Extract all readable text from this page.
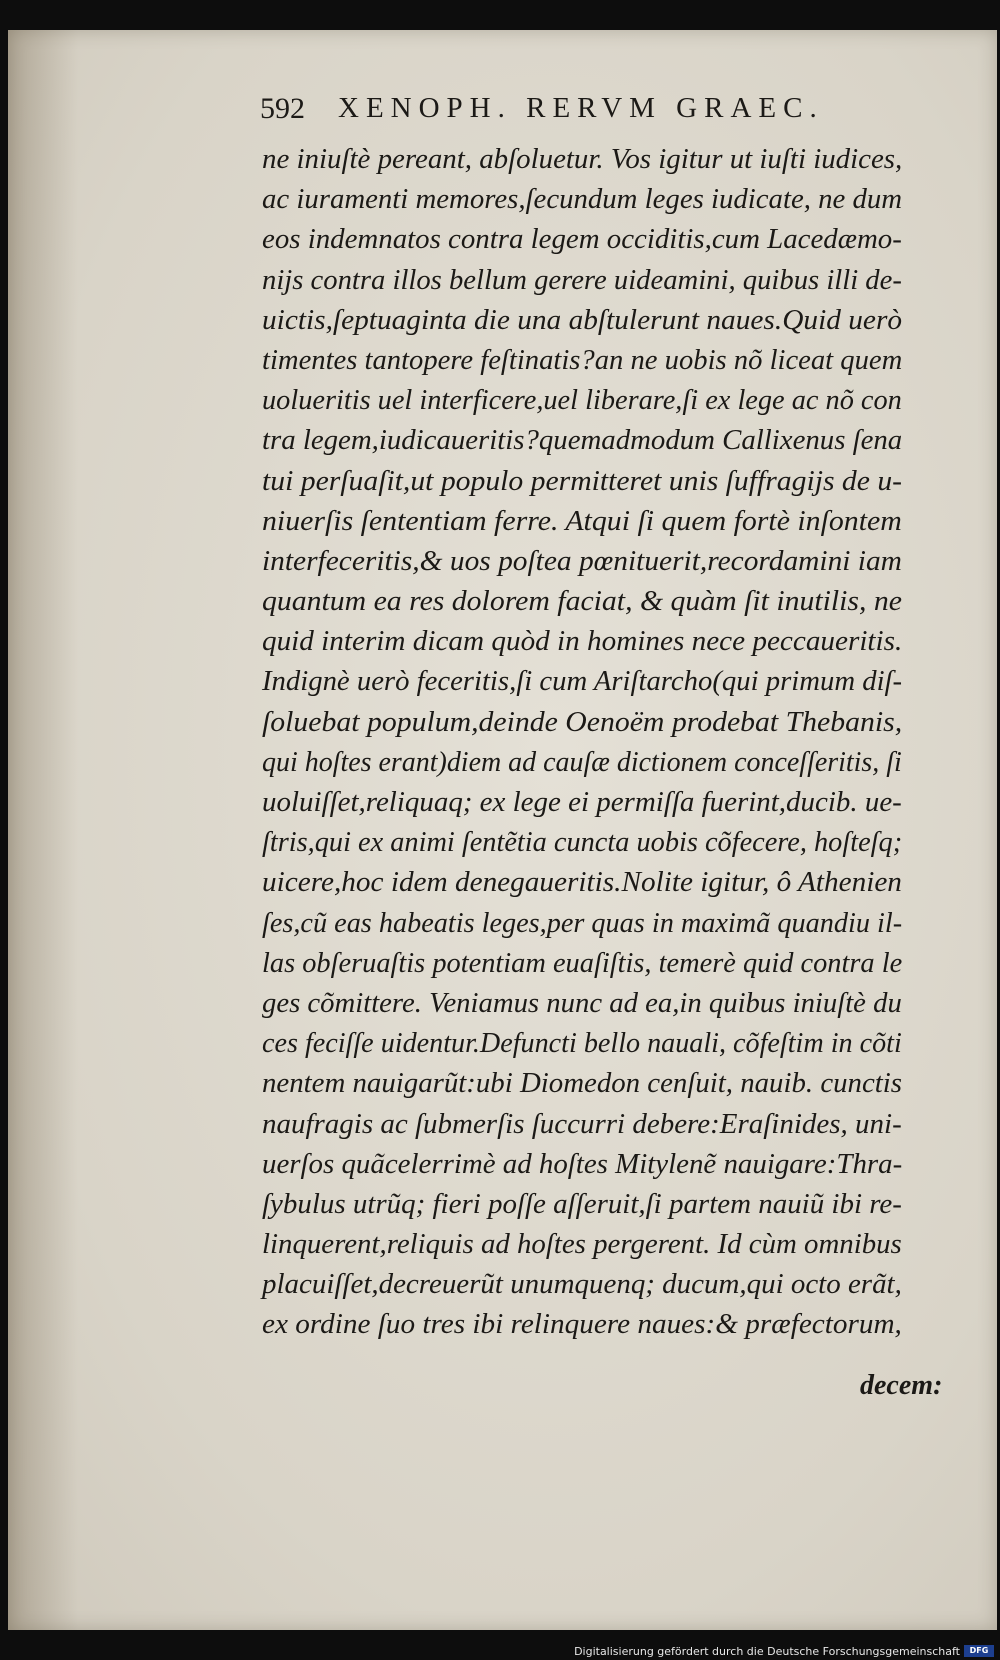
592 XENOPH. RERVM GRAEC.
ne iniuſtè pereant, abſoluetur. Vos igitur ut iuſti iudices,
ac iuramenti memores,ſecundum leges iudicate, ne dum
eos indemnatos contra legem occiditis,cum Lacedæmo-
nijs contra illos bellum gerere uideamini, quibus illi de-
uictis,ſeptuaginta die una abſtulerunt naues.Quid uerò
timentes tantopere feſtinatis?an ne uobis nõ liceat quem
uolueritis uel interficere,uel liberare,ſi ex lege ac nõ con
tra legem,iudicaueritis?quemadmodum Callixenus ſena
tui perſuaſit,ut populo permitteret unis ſuffragijs de u-
niuerſis ſententiam ferre. Atqui ſi quem fortè inſontem
interfeceritis,& uos poſtea pœnituerit,recordamini iam
quantum ea res dolorem faciat, & quàm ſit inutilis, ne
quid interim dicam quòd in homines nece peccaueritis.
Indignè uerò feceritis,ſi cum Ariſtarcho(qui primum diſ-
ſoluebat populum,deinde Oenoëm prodebat Thebanis,
qui hoſtes erant)diem ad cauſæ dictionem conceſſeritis, ſi
uoluiſſet,reliquaq; ex lege ei permiſſa fuerint,ducib. ue-
ſtris,qui ex animi ſentẽtia cuncta uobis cõfecere, hoſteſq;
uicere,hoc idem denegaueritis.Nolite igitur, ô Athenien
ſes,cũ eas habeatis leges,per quas in maximã quandiu il-
las obſeruaſtis potentiam euaſiſtis, temerè quid contra le
ges cõmittere. Veniamus nunc ad ea,in quibus iniuſtè du
ces feciſſe uidentur.Defuncti bello nauali, cõfeſtim in cõti
nentem nauigarũt:ubi Diomedon cenſuit, nauib. cunctis
naufragis ac ſubmerſis ſuccurri debere:Eraſinides, uni-
uerſos quãcelerrimè ad hoſtes Mitylenẽ nauigare:Thra-
ſybulus utrũq; fieri poſſe aſſeruit,ſi partem nauiũ ibi re-
linquerent,reliquis ad hoſtes pergerent. Id cùm omnibus
placuiſſet,decreuerũt unumquenq; ducum,qui octo erãt,
ex ordine ſuo tres ibi relinquere naues:& præfectorum,
decem:
Digitalisierung gefördert durch die Deutsche Forschungsgemeinschaft	DFG
